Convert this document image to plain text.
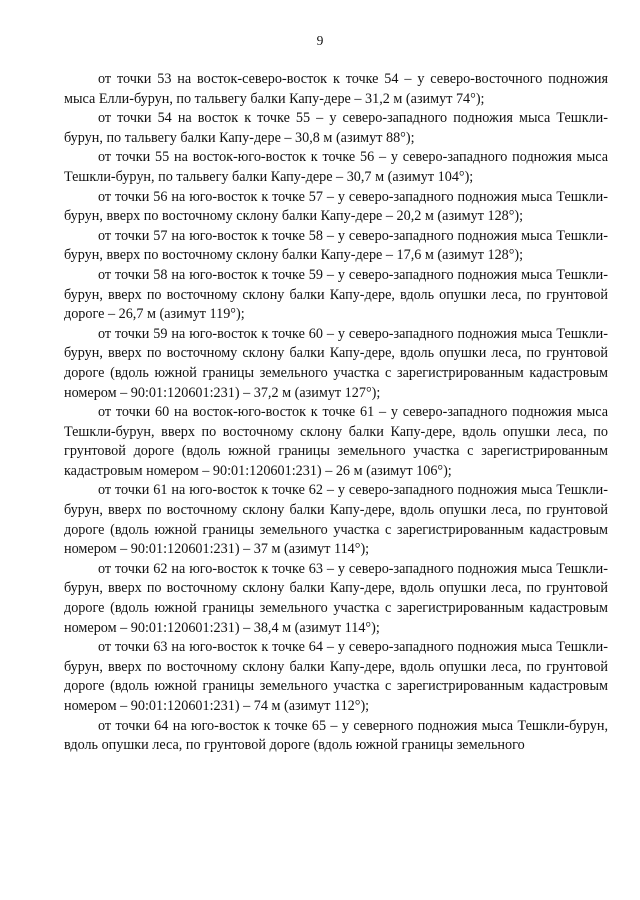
9

от точки 53 на восток-северо-восток к точке 54 – у северо-восточного подножия мыса Елли-бурун, по тальвегу балки Капу-дере – 31,2 м (азимут 74°);

от точки 54 на восток к точке 55 – у северо-западного подножия мыса Тешкли-бурун, по тальвегу балки Капу-дере – 30,8 м (азимут 88°);

от точки 55 на восток-юго-восток к точке 56 – у северо-западного подножия мыса Тешкли-бурун, по тальвегу балки Капу-дере – 30,7 м (азимут 104°);

от точки 56 на юго-восток к точке 57 – у северо-западного подножия мыса Тешкли-бурун, вверх по восточному склону балки Капу-дере – 20,2 м (азимут 128°);

от точки 57 на юго-восток к точке 58 – у северо-западного подножия мыса Тешкли-бурун, вверх по восточному склону балки Капу-дере – 17,6 м (азимут 128°);

от точки 58 на юго-восток к точке 59 – у северо-западного подножия мыса Тешкли-бурун, вверх по восточному склону балки Капу-дере, вдоль опушки леса, по грунтовой дороге – 26,7 м (азимут 119°);

от точки 59 на юго-восток к точке 60 – у северо-западного подножия мыса Тешкли-бурун, вверх по восточному склону балки Капу-дере, вдоль опушки леса, по грунтовой дороге (вдоль южной границы земельного участка с зарегистрированным кадастровым номером – 90:01:120601:231) – 37,2 м (азимут 127°);

от точки 60 на восток-юго-восток к точке 61 – у северо-западного подножия мыса Тешкли-бурун, вверх по восточному склону балки Капу-дере, вдоль опушки леса, по грунтовой дороге (вдоль южной границы земельного участка с зарегистрированным кадастровым номером – 90:01:120601:231) – 26 м (азимут 106°);

от точки 61 на юго-восток к точке 62 – у северо-западного подножия мыса Тешкли-бурун, вверх по восточному склону балки Капу-дере, вдоль опушки леса, по грунтовой дороге (вдоль южной границы земельного участка с зарегистрированным кадастровым номером – 90:01:120601:231) – 37 м (азимут 114°);

от точки 62 на юго-восток к точке 63 – у северо-западного подножия мыса Тешкли-бурун, вверх по восточному склону балки Капу-дере, вдоль опушки леса, по грунтовой дороге (вдоль южной границы земельного участка с зарегистрированным кадастровым номером – 90:01:120601:231) – 38,4 м (азимут 114°);

от точки 63 на юго-восток к точке 64 – у северо-западного подножия мыса Тешкли-бурун, вверх по восточному склону балки Капу-дере, вдоль опушки леса, по грунтовой дороге (вдоль южной границы земельного участка с зарегистрированным кадастровым номером – 90:01:120601:231) – 74 м (азимут 112°);

от точки 64 на юго-восток к точке 65 – у северного подножия мыса Тешкли-бурун, вдоль опушки леса, по грунтовой дороге (вдоль южной границы земельного
